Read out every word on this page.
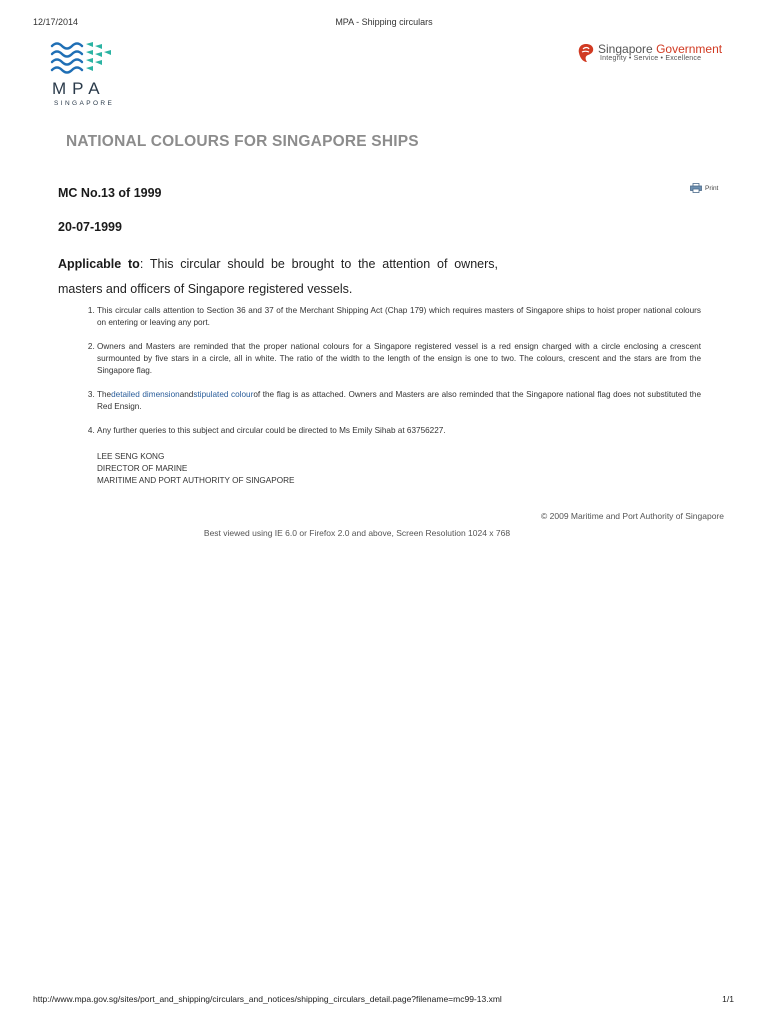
12/17/2014	MPA - Shipping circulars
MPA
SINGAPORE
Singapore Government
Integrity • Service • Excellence
NATIONAL COLOURS FOR SINGAPORE SHIPS
MC No.13 of 1999
20-07-1999
Print
Applicable to: This circular should be brought to the attention of owners, masters and officers of Singapore registered vessels.
1. This circular calls attention to Section 36 and 37 of the Merchant Shipping Act (Chap 179) which requires masters of Singapore ships to hoist proper national colours on entering or leaving any port.
2. Owners and Masters are reminded that the proper national colours for a Singapore registered vessel is a red ensign charged with a circle enclosing a crescent surmounted by five stars in a circle, all in white. The ratio of the width to the length of the ensign is one to two. The colours, crescent and the stars are from the Singapore flag.
3. Thedetailed dimensionandstipulated colourof the flag is as attached. Owners and Masters are also reminded that the Singapore national flag does not substituted the Red Ensign.
4. Any further queries to this subject and circular could be directed to Ms Emily Sihab at 63756227.
LEE SENG KONG
DIRECTOR OF MARINE
MARITIME AND PORT AUTHORITY OF SINGAPORE
© 2009 Maritime and Port Authority of Singapore
Best viewed using IE 6.0 or Firefox 2.0 and above, Screen Resolution 1024 x 768
http://www.mpa.gov.sg/sites/port_and_shipping/circulars_and_notices/shipping_circulars_detail.page?filename=mc99-13.xml	1/1
